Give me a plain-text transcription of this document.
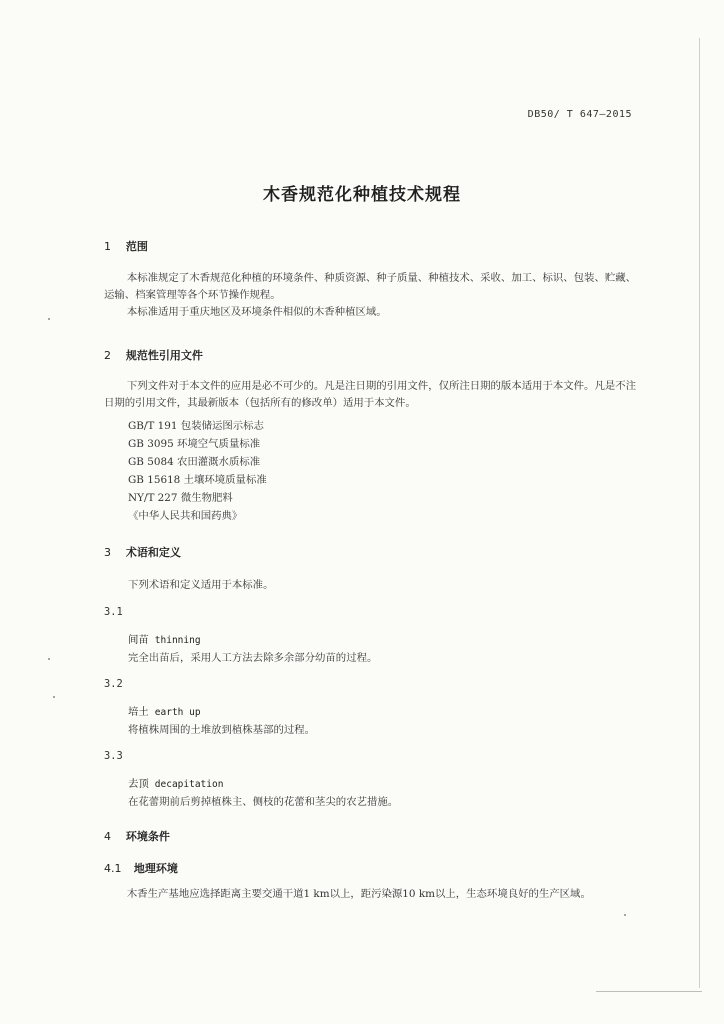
DB50/ T 647—2015
木香规范化种植技术规程
1 范围
本标准规定了木香规范化种植的环境条件、种质资源、种子质量、种植技术、采收、加工、标识、包装、贮藏、运输、档案管理等各个环节操作规程。
本标准适用于重庆地区及环境条件相似的木香种植区域。
2 规范性引用文件
下列文件对于本文件的应用是必不可少的。凡是注日期的引用文件，仅所注日期的版本适用于本文件。凡是不注日期的引用文件，其最新版本（包括所有的修改单）适用于本文件。
GB/T 191 包装储运图示标志
GB 3095 环境空气质量标准
GB 5084 农田灌溉水质标准
GB 15618 土壤环境质量标准
NY/T 227 微生物肥料
《中华人民共和国药典》
3 术语和定义
下列术语和定义适用于本标准。
3.1
间苗 thinning
完全出苗后，采用人工方法去除多余部分幼苗的过程。
3.2
培土 earth up
将植株周围的土堆放到植株基部的过程。
3.3
去顶 decapitation
在花蕾期前后剪掉植株主、侧枝的花蕾和茎尖的农艺措施。
4 环境条件
4.1 地理环境
木香生产基地应选择距离主要交通干道1 km以上，距污染源10 km以上，生态环境良好的生产区域。
